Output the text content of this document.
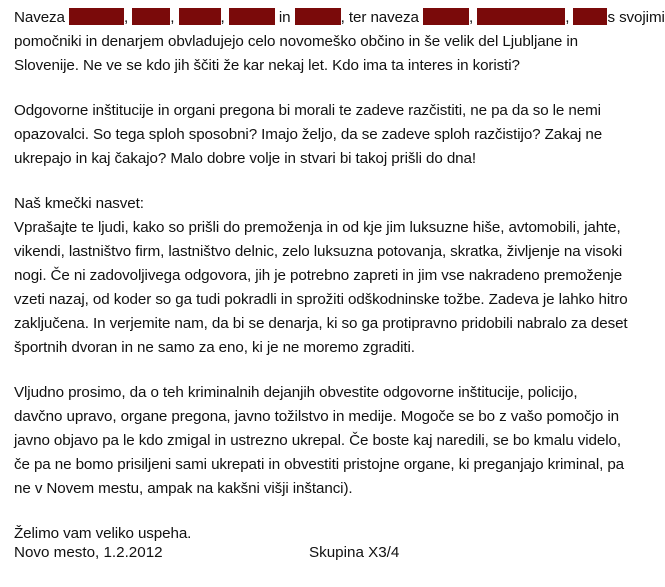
Naveza	,	,	,	in	, ter naveza	,	, s svojimi
pomočniki in denarjem obvladujejo celo novomeško občino in še velik del Ljubljane in
Slovenije. Ne ve se kdo jih ščiti že kar nekaj let. Kdo ima ta interes in koristi?
Odgovorne inštitucije in organi pregona bi morali te zadeve razčistiti, ne pa da so le nemi
opazovalci. So tega sploh sposobni? Imajo željo, da se zadeve sploh razčistijo? Zakaj ne
ukrepajo in kaj čakajo? Malo dobre volje in stvari bi takoj prišli do dna!
Naš kmečki nasvet:
Vprašajte te ljudi, kako so prišli do premoženja in od kje jim luksuzne hiše, avtomobili, jahte,
vikendi, lastništvo firm, lastništvo delnic, zelo luksuzna potovanja, skratka, življenje na visoki
nogi. Če ni zadovoljivega odgovora, jih je potrebno zapreti in jim vse nakradeno premoženje
vzeti nazaj, od koder so ga tudi pokradli in sprožiti odškodninske tožbe. Zadeva je lahko hitro
zaključena. In verjemite nam, da bi se denarja, ki so ga protipravno pridobili nabralo za deset
športnih dvoran in ne samo za eno, ki je ne moremo zgraditi.
Vljudno prosimo, da o teh kriminalnih dejanjih obvestite odgovorne inštitucije, policijo,
davčno upravo, organe pregona, javno tožilstvo in medije. Mogoče se bo z vašo pomočjo in
javno objavo pa le kdo zmigal in ustrezno ukrepal. Če boste kaj naredili, se bo kmalu videlo,
če pa ne bomo prisiljeni sami ukrepati in obvestiti pristojne organe, ki preganjajo kriminal, pa
ne v Novem mestu, ampak na kakšni višji inštanci).
Želimo vam veliko uspeha.
Novo mesto, 1.2.2012	Skupina X3/4
